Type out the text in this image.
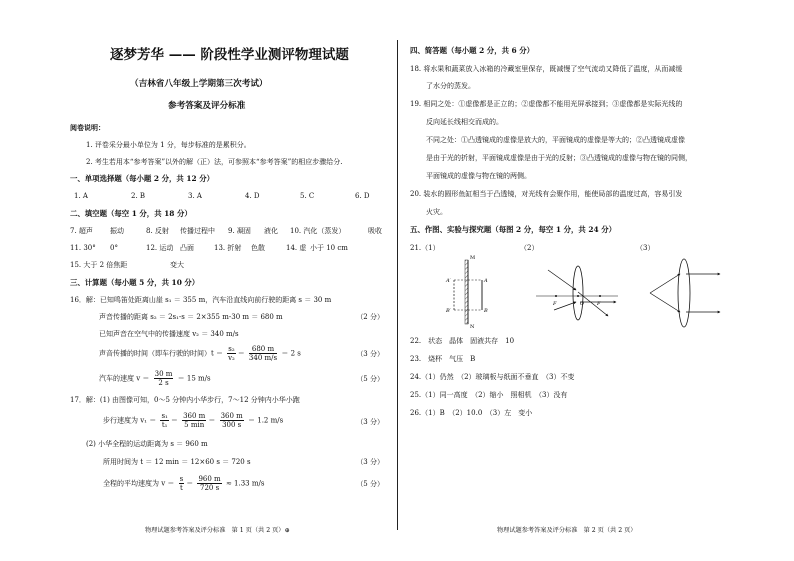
逐梦芳华 —— 阶段性学业测评物理试题
（吉林省八年级上学期第三次考试）
参考答案及评分标准
阅卷说明：
1. 评卷采分最小单位为 1 分，每步标准的是累积分。
2. 考生若用本“参考答案”以外的解（正）法，可参照本“参考答案”的相应步骤给分.
一、单项选择题（每小题 2 分，共 12 分）
1. A	2. B	3. A	4. D	5. C	6. D
二、填空题（每空 1 分，共 18 分）
7. 超声 振动	8. 反射 传播过程中 9. 凝固 液化 10. 汽化（蒸发）	吸收
11. 30° 0°	12. 运动 凸面	13. 折射 色散	14. 虚 小于 10 cm
15. 大于 2 倍焦距	变大
三、计算题（每小题 5 分，共 10 分）
16．解：已知鸣笛处距离山崖 s₁ ＝ 355 m，汽车沿直线向前行驶的距离 s ＝ 30 m
声音传播的距离 s₂ ＝ 2s₁-s ＝ 2×355 m-30 m ＝ 680 m	（2 分）
已知声音在空气中的传播速度 v₂ ＝ 340 m/s
声音传播的时间（即车行驶的时间）$t = \frac{\text{s₂}}{\text{v₂}} = \frac{680 m}{340 m/s} = 2$ s	（3 分）
汽车的速度 $v = \frac{30 m}{2 s} = 15$ m/s	（5 分）
17．解：(1) 由图像可知，0～5 分钟内小华步行，7～12 分钟内小华小跑
步行速度为 $v_1 = \frac{\text{s₁}}{\text{t₁}} = \frac{360 m}{5 \min} = \frac{360 m}{300 s} = 1.2$ m/s	（3 分）
(2) 小华全程的运动距离为 s ＝ 960 m
所用时间为 t ＝ 12 min ＝ 12×60 s ＝ 720 s	（3 分）
全程的平均速度为 $v = \frac{s}{t} = \frac{960 m}{720 s} \approx 1.33$ m/s	（5 分）
物理试题参考答案及评分标准　第 1 页（共 2 页）⊕
四、简答题（每小题 2 分，共 6 分）
18. 将水果和蔬菜放入冰箱的冷藏室里保存，既减慢了空气流动又降低了温度，从而减缓
了水分的蒸发。
19. 相同之处：①虚像都是正立的；②虚像都不能用光屏承接到；③虚像都是实际光线的
反向延长线相交而成的。
不同之处：①凸透镜成的虚像是放大的，平面镜成的虚像是等大的；②凸透镜成虚像
是由于光的折射，平面镜成虚像是由于光的反射；③凸透镜成的虚像与物在镜的同侧，
平面镜成的虚像与物在镜的两侧。
20. 装水的圆形鱼缸相当于凸透镜，对光线有会聚作用，能使局部的温度过高，容易引发
火灾。
五、作图、实验与探究题（每图 2 分，每空 1 分，共 24 分）
21.（1）	（2）	（3）
M
N
A′	A
B′	B
F	O	F
22.　状态　晶体　固液共存　10
23.　烧杯　气压　B
24.（1）仍然　（2）玻璃板与纸面不垂直　（3）不变
25.（1）同一高度　（2）缩小　照相机　（3）没有
26.（1）B　（2）10.0　（3）左　变小
物理试题参考答案及评分标准　第 2 页（共 2 页）
